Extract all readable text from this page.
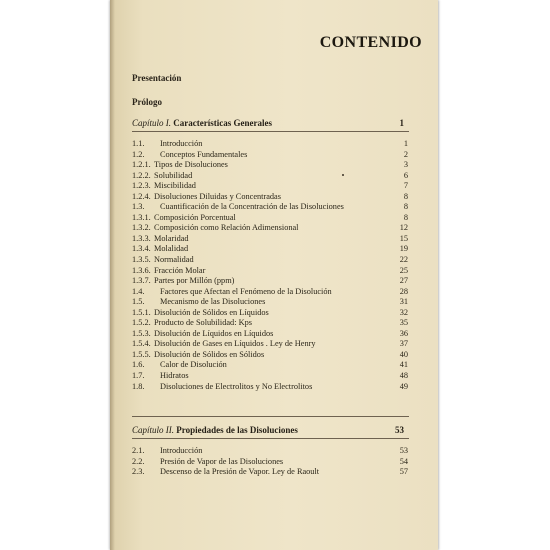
CONTENIDO
Presentación
Prólogo
Capítulo I. Características Generales	1
1.1.	Introducción	1
1.2.	Conceptos Fundamentales	2
1.2.1. Tipos de Disoluciones	3
1.2.2. Solubilidad	6
1.2.3. Miscibilidad	7
1.2.4. Disoluciones Diluidas y Concentradas	8
1.3.	Cuantificación de la Concentración de las Disoluciones	8
1.3.1. Composición Porcentual	8
1.3.2. Composición como Relación Adimensional	12
1.3.3. Molaridad	15
1.3.4. Molalidad	19
1.3.5. Normalidad	22
1.3.6. Fracción Molar	25
1.3.7. Partes por Millón (ppm)	27
1.4.	Factores que Afectan el Fenómeno de la Disolución	28
1.5.	Mecanismo de las Disoluciones	31
1.5.1. Disolución de Sólidos en Líquidos	32
1.5.2. Producto de Solubilidad: Kps	35
1.5.3. Disolución de Líquidos en Líquidos	36
1.5.4. Disolución de Gases en Líquidos . Ley de Henry	37
1.5.5. Disolución de Sólidos en Sólidos	40
1.6.	Calor de Disolución	41
1.7.	Hidratos	48
1.8.	Disoluciones de Electrolitos y No Electrolitos	49
Capítulo II. Propiedades de las Disoluciones	53
2.1.	Introducción	53
2.2.	Presión de Vapor de las Disoluciones	54
2.3.	Descenso de la Presión de Vapor. Ley de Raoult	57
